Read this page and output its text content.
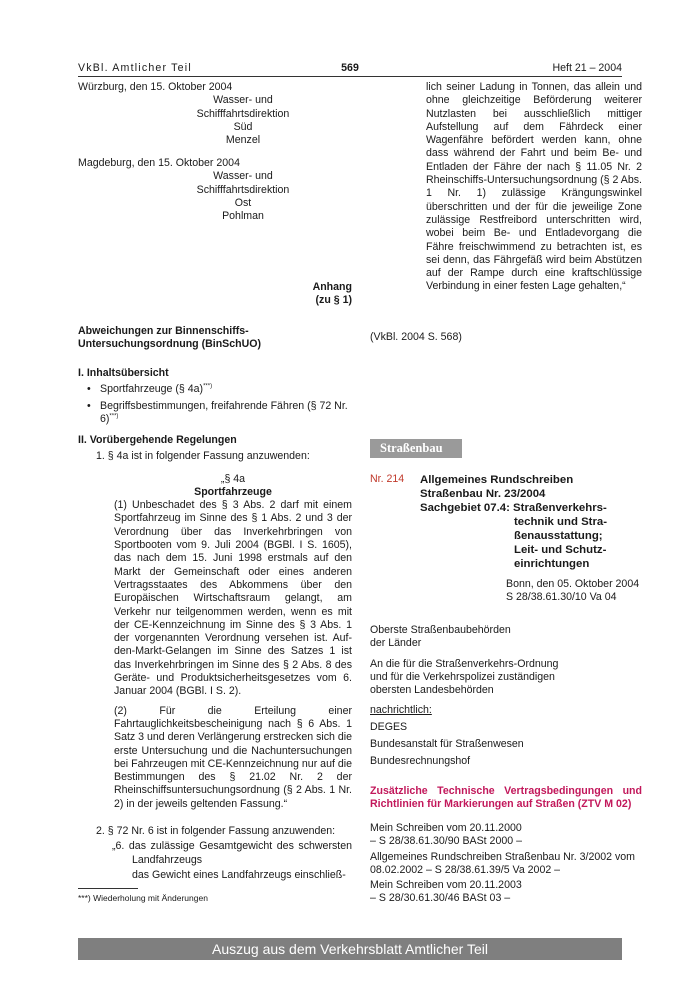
VkBl. Amtlicher Teil	569	Heft 21 – 2004

Würzburg, den 15. Oktober 2004

Wasser- und Schifffahrtsdirektion

Süd

Menzel

Magdeburg, den 15. Oktober 2004

Wasser- und Schifffahrtsdirektion

Ost

Pohlman

Anhang

(zu § 1)

Abweichungen zur Binnenschiffs-Untersuchungsordnung (BinSchUO)

I. Inhaltsübersicht

• Sportfahrzeuge (§ 4a)***)

• Begriffsbestimmungen, freifahrende Fähren (§ 72 Nr. 6)***)

II. Vorübergehende Regelungen

1. § 4a ist in folgender Fassung anzuwenden:

„§ 4a

Sportfahrzeuge

(1) Unbeschadet des § 3 Abs. 2 darf mit einem Sportfahrzeug im Sinne des § 1 Abs. 2 und 3 der Verordnung über das Inverkehrbringen von Sportbooten vom 9. Juli 2004 (BGBl. I S. 1605), das nach dem 15. Juni 1998 erstmals auf den Markt der Gemeinschaft oder eines anderen Vertragsstaates des Abkommens über den Europäischen Wirtschaftsraum gelangt, am Verkehr nur teilgenommen werden, wenn es mit der CE-Kennzeichnung im Sinne des § 3 Abs. 1 der vorgenannten Verordnung versehen ist. Auf-den-Markt-Gelangen im Sinne des Satzes 1 ist das Inverkehrbringen im Sinne des § 2 Abs. 8 des Geräte- und Produktsicherheitsgesetzes vom 6. Januar 2004 (BGBl. I S. 2).

(2) Für die Erteilung einer Fahrtauglichkeitsbescheinigung nach § 6 Abs. 1 Satz 3 und deren Verlängerung erstrecken sich die erste Untersuchung und die Nachuntersuchungen bei Fahrzeugen mit CE-Kennzeichnung nur auf die Bestimmungen des § 21.02 Nr. 2 der Rheinschiffsuntersuchungsordnung (§ 2 Abs. 1 Nr. 2) in der jeweils geltenden Fassung.“

2. § 72 Nr. 6 ist in folgender Fassung anzuwenden:

„6. das zulässige Gesamtgewicht des schwersten Landfahrzeugs

das Gewicht eines Landfahrzeugs einschließ-

***) Wiederholung mit Änderungen
lich seiner Ladung in Tonnen, das allein und ohne gleichzeitige Beförderung weiterer Nutzlasten bei ausschließlich mittiger Aufstellung auf dem Fährdeck einer Wagenfähre befördert werden kann, ohne dass während der Fahrt und beim Be- und Entladen der Fähre der nach § 11.05 Nr. 2 Rheinschiffs-Untersuchungsordnung (§ 2 Abs. 1 Nr. 1) zulässige Krängungswinkel überschritten und der für die jeweilige Zone zulässige Restfreibord unterschritten wird, wobei beim Be- und Entladevorgang die Fähre freischwimmend zu betrachten ist, es sei denn, das Fährgefäß wird beim Abstützen auf der Rampe durch eine kraftschlüssige Verbindung in einer festen Lage gehalten,“
(VkBl. 2004 S. 568)
Straßenbau
Nr. 214 Allgemeines Rundschreiben

Straßenbau Nr. 23/2004

Sachgebiet 07.4: Straßenverkehrs-

technik und Stra-

ßenausstattung;

Leit- und Schutz-

einrichtungen

Bonn, den 05. Oktober 2004

S 28/38.61.30/10 Va 04

Oberste Straßenbaubehörden

der Länder

An die für die Straßenverkehrs-Ordnung

und für die Verkehrspolizei zuständigen

obersten Landesbehörden

nachrichtlich:

DEGES

Bundesanstalt für Straßenwesen

Bundesrechnungshof

Zusätzliche Technische Vertragsbedingungen und Richtlinien für Markierungen auf Straßen (ZTV M 02)

Mein Schreiben vom 20.11.2000

– S 28/38.61.30/90 BASt 2000 –

Allgemeines Rundschreiben Straßenbau Nr. 3/2002 vom

08.02.2002 – S 28/38.61.39/5 Va 2002 –

Mein Schreiben vom 20.11.2003

– S 28/30.61.30/46 BASt 03 –

Auszug aus dem Verkehrsblatt Amtlicher Teil
